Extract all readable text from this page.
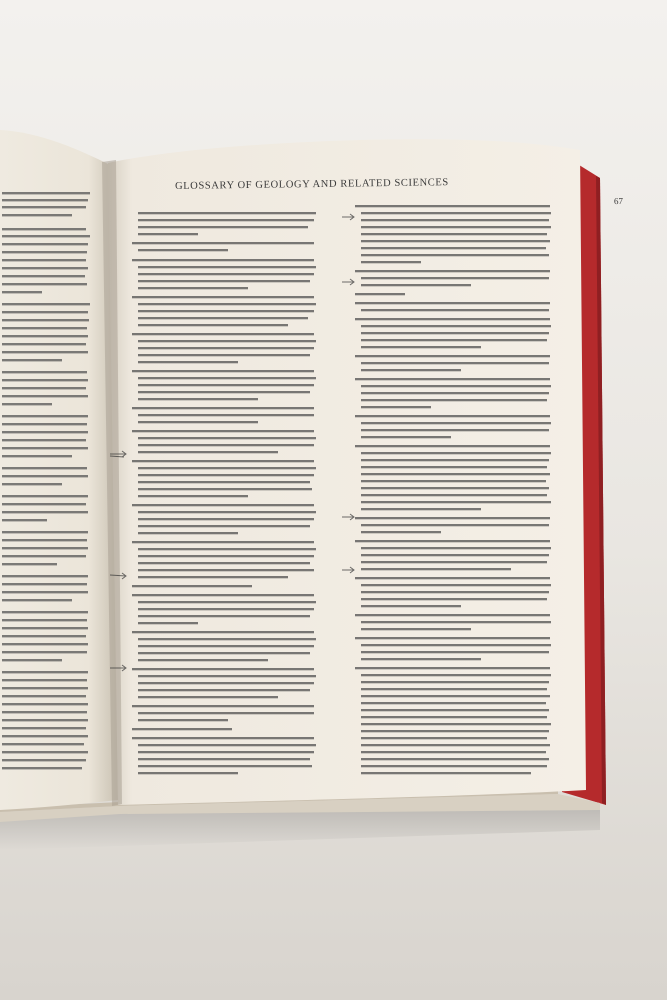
GLOSSARY OF GEOLOGY AND RELATED SCIENCES
67
